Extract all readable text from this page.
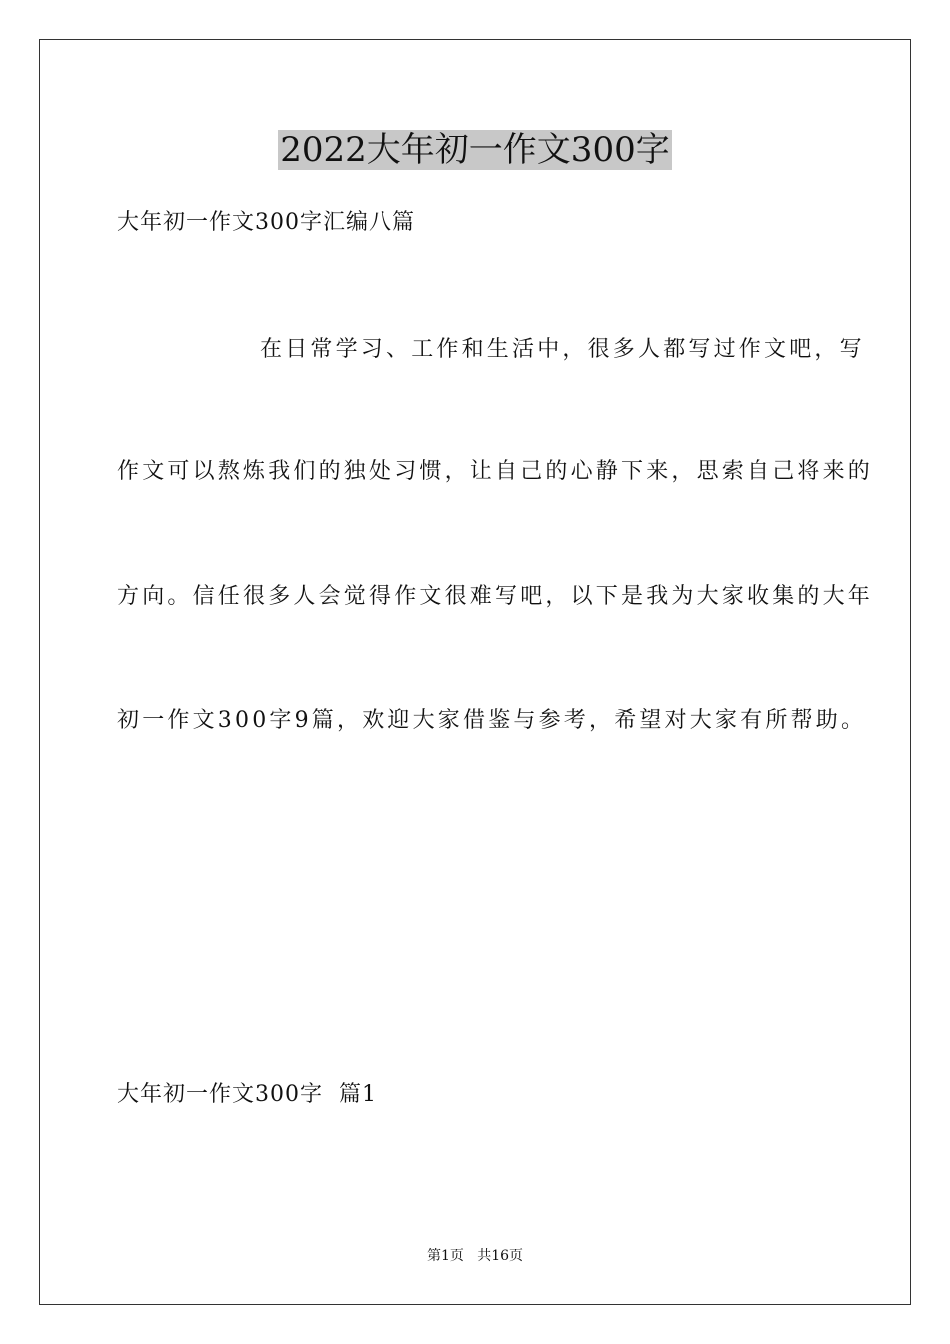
2022大年初一作文300字
大年初一作文300字汇编八篇
在日常学习、工作和生活中，很多人都写过作文吧，写
作文可以熬炼我们的独处习惯，让自己的心静下来，思索自己将来的
方向。信任很多人会觉得作文很难写吧，以下是我为大家收集的大年
初一作文300字9篇，欢迎大家借鉴与参考，希望对大家有所帮助。
大年初一作文300字  篇1
第1页   共16页
